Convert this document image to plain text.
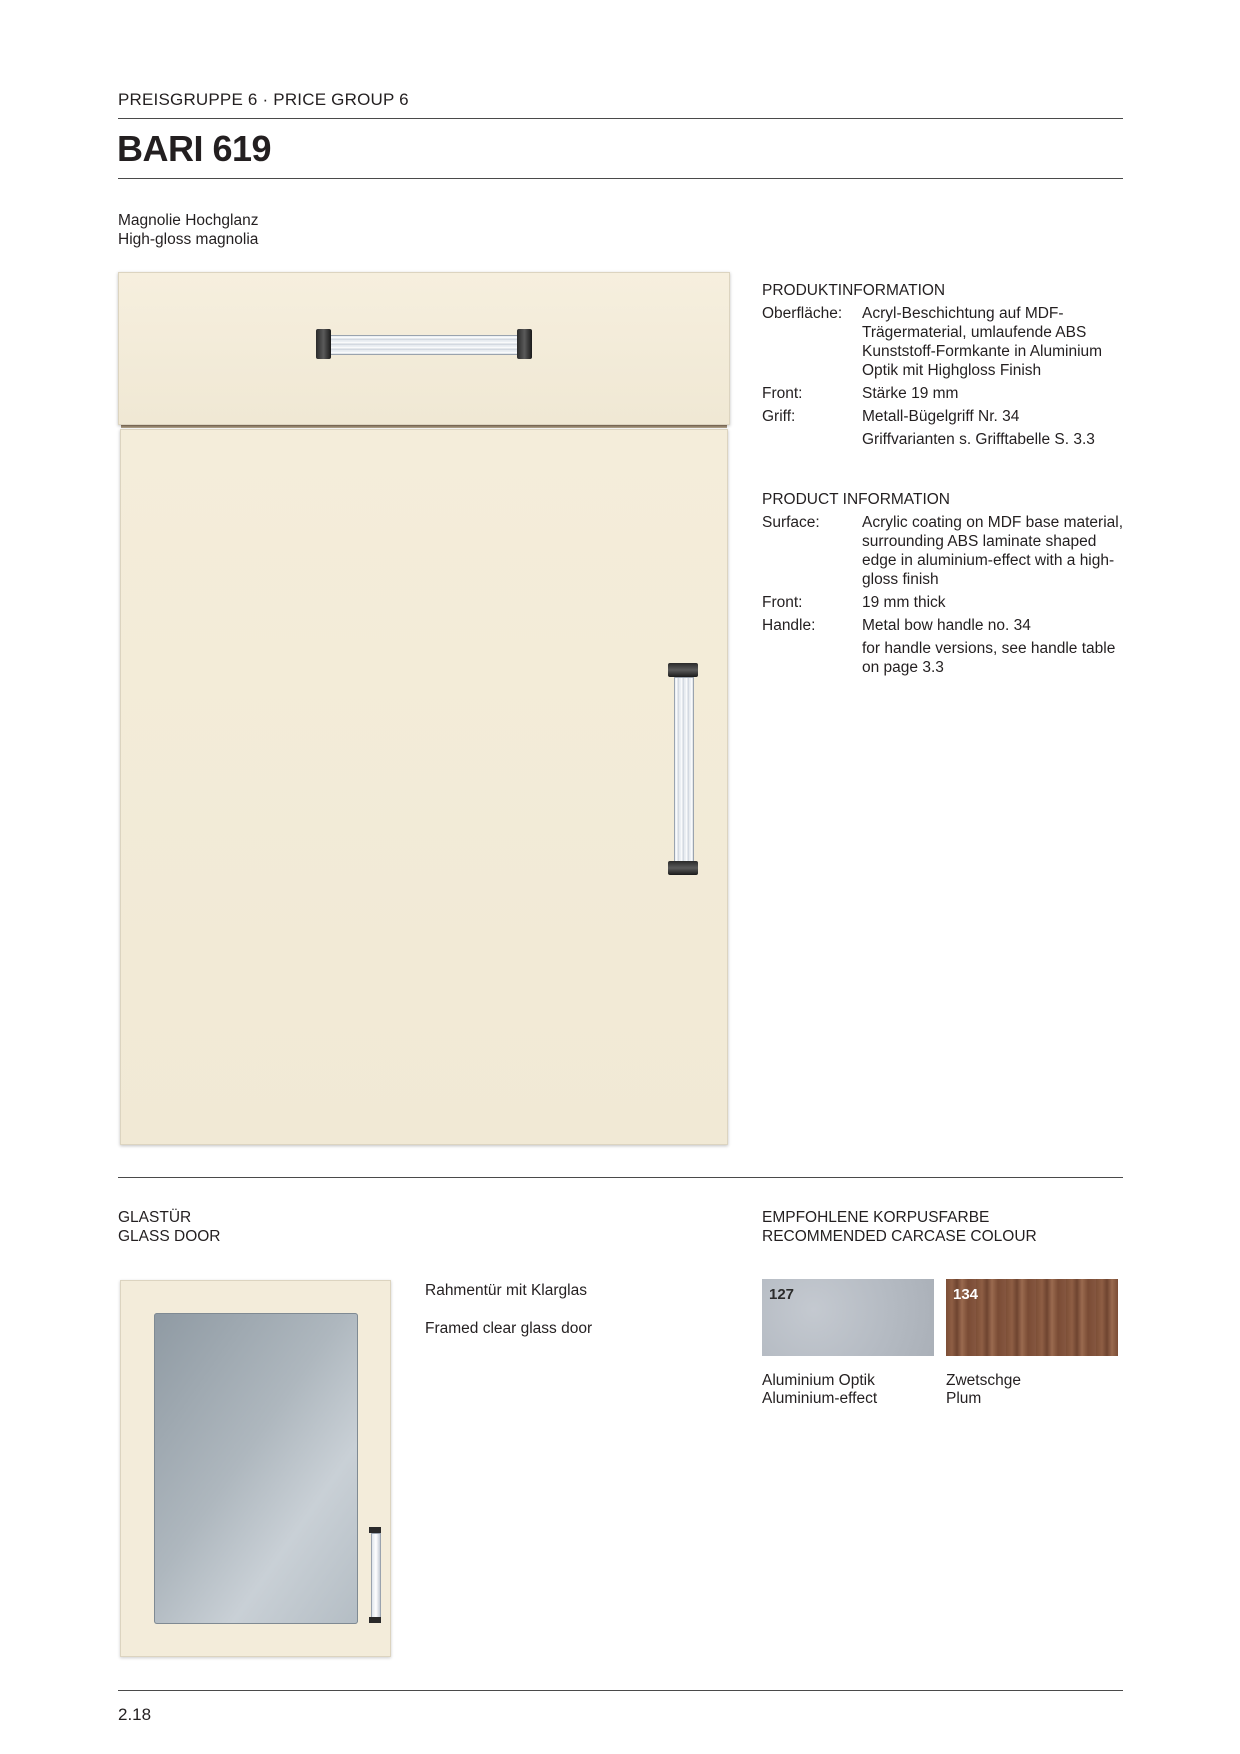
PREISGRUPPE 6 · PRICE GROUP 6
BARI 619
Magnolie Hochglanz
High-gloss magnolia
PRODUKTINFORMATION
Oberfläche:	Acryl-Beschichtung auf MDF-Trägermaterial, umlaufende ABS Kunststoff-Formkante in Aluminium Optik mit Highgloss Finish
Front:	Stärke 19 mm
Griff:	Metall-Bügelgriff Nr. 34
Griffvarianten s. Grifftabelle S. 3.3
PRODUCT INFORMATION
Surface:	Acrylic coating on MDF base material, surrounding ABS laminate shaped edge in aluminium-effect with a high-gloss finish
Front:	19 mm thick
Handle:	Metal bow handle no. 34
for handle versions, see handle table on page 3.3
GLASTÜR
GLASS DOOR
Rahmentür mit Klarglas
Framed clear glass door
EMPFOHLENE KORPUSFARBE
RECOMMENDED CARCASE COLOUR
127	134
Aluminium Optik
Aluminium-effect
Zwetschge
Plum
2.18
